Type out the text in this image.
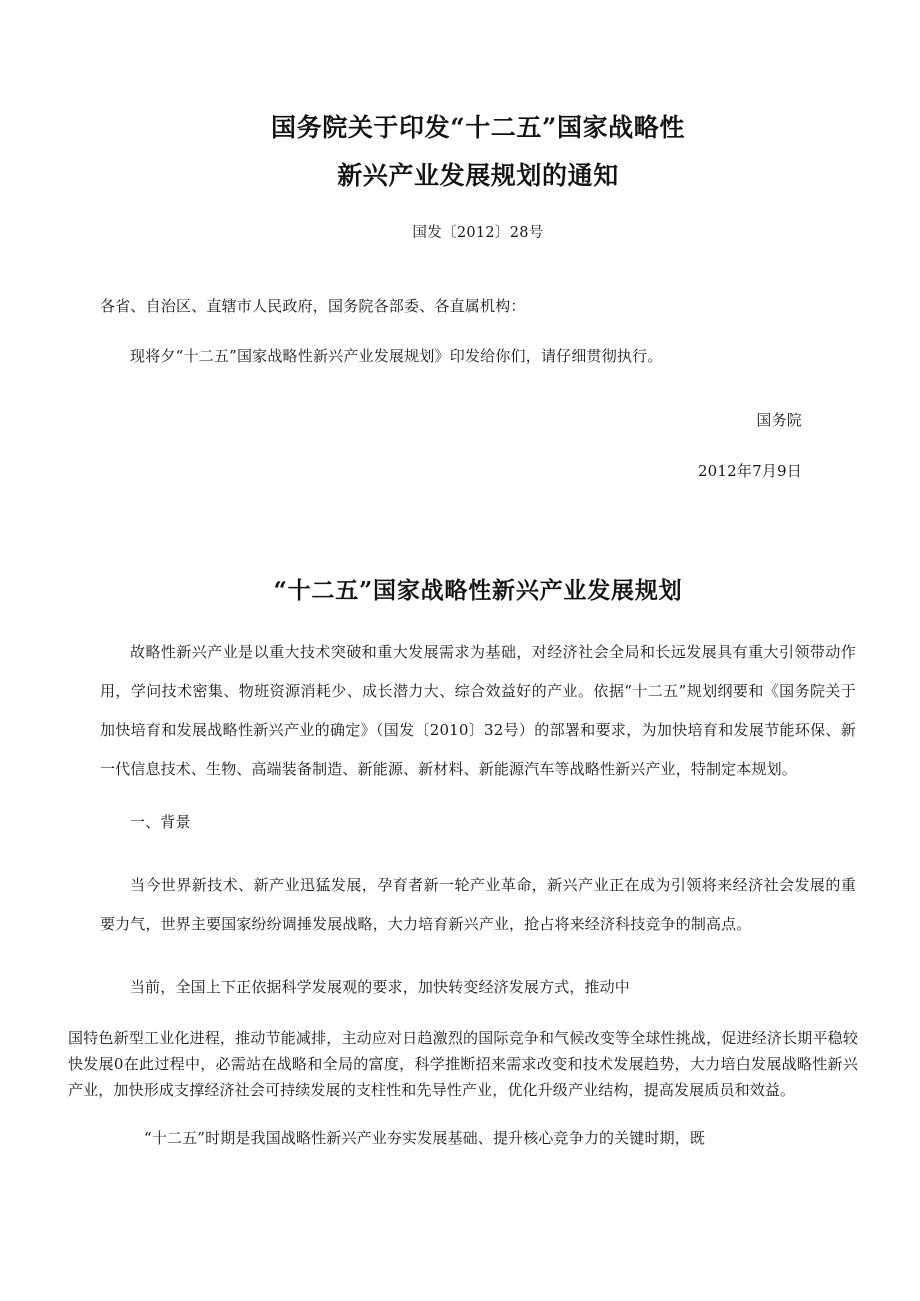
国务院关于印发“十二五”国家战略性
新兴产业发展规划的通知

国发〔2012〕28号

各省、自治区、直辖市人民政府，国务院各部委、各直属机构：

现将夕“十二五”国家战略性新兴产业发展规划》印发给你们，请仔细贯彻执行。

国务院

2012年7月9日

“十二五”国家战略性新兴产业发展规划

故略性新兴产业是以重大技术突破和重大发展需求为基础，对经济社会全局和长远发展具有重大引领带动作用，学问技术密集、物班资源消耗少、成长潜力大、综合效益好的产业。依据“十二五”规划纲要和《国务院关于加快培育和发展战略性新兴产业的确定》（国发〔2010〕32号）的部署和要求，为加快培育和发展节能环保、新一代信息技术、生物、高端装备制造、新能源、新材料、新能源汽车等战略性新兴产业，特制定本规划。

一、背景

当今世界新技术、新产业迅猛发展，孕育者新一轮产业革命，新兴产业正在成为引领将来经济社会发展的重要力气，世界主要国家纷纷调捶发展战略，大力培育新兴产业，抢占将来经济科技竞争的制高点。

当前，全国上下正依据科学发展观的要求，加快转变经济发展方式，推动中

国特色新型工业化进程，推动节能减排，主动应对日趋激烈的国际竞争和气候改变等全球性挑战，促进经济长期平稳较快发展0在此过程中，必需站在战略和全局的富度，科学推断招来需求改变和技术发展趋势，大力培白发展战略性新兴产业，加快形成支撑经济社会可持续发展的支柱性和先导性产业，优化升级产业结构，提高发展质员和效益。

“十二五”时期是我国战略性新兴产业夯实发展基础、提升核心竞争力的关键时期，既
